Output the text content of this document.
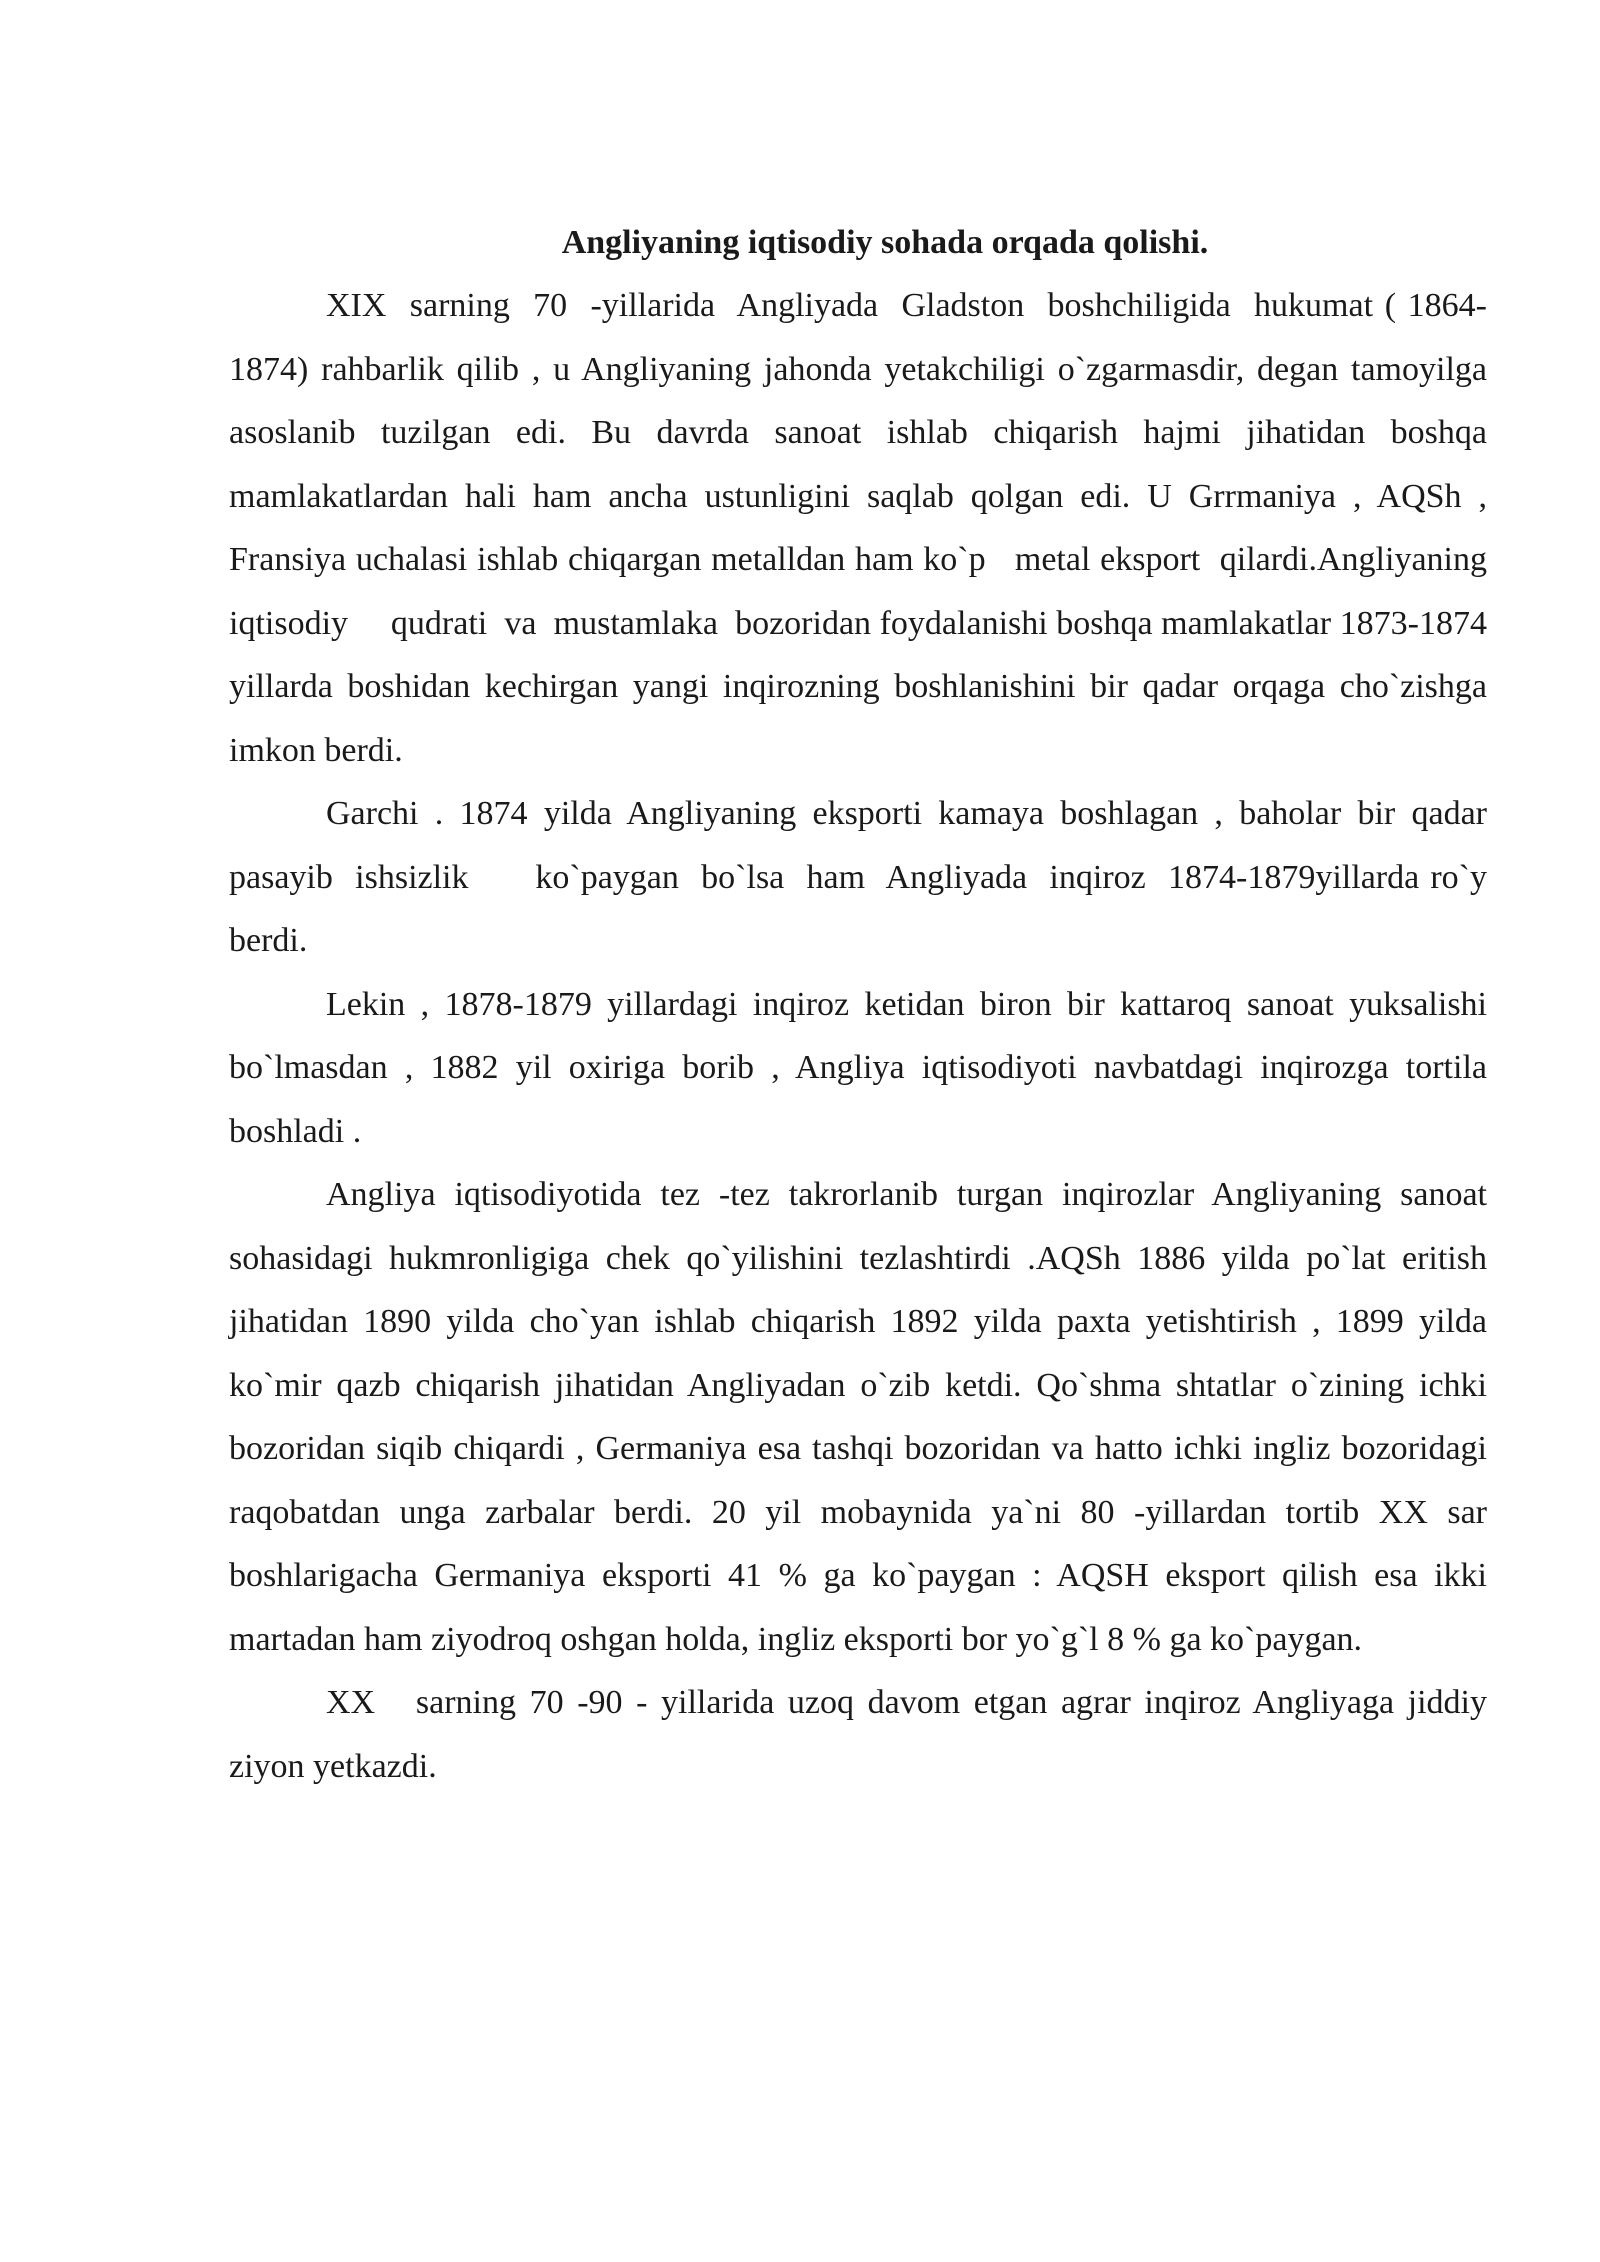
Angliyaning iqtisodiy sohada orqada qolishi.

XIX  sarning  70  -yillarida  Angliyada  Gladston  boshchiligida  hukumat ( 1864-1874) rahbarlik qilib , u Angliyaning jahonda yetakchiligi o`zgarmasdir, degan tamoyilga asoslanib tuzilgan edi. Bu davrda sanoat ishlab chiqarish hajmi jihatidan boshqa mamlakatlardan hali ham ancha ustunligini saqlab qolgan edi. U Grrmaniya , AQSh , Fransiya uchalasi ishlab chiqargan metalldan ham ko`p   metal eksport  qilardi.Angliyaning  iqtisodiy     qudrati  va  mustamlaka  bozoridan foydalanishi boshqa mamlakatlar 1873-1874 yillarda boshidan kechirgan yangi inqirozning boshlanishini bir qadar orqaga cho`zishga imkon berdi.

Garchi . 1874 yilda Angliyaning eksporti kamaya boshlagan , baholar bir qadar  pasayib  ishsizlik      ko`paygan  bo`lsa  ham  Angliyada  inqiroz  1874-1879yillarda ro`y berdi.

Lekin , 1878-1879 yillardagi inqiroz ketidan biron bir kattaroq sanoat yuksalishi bo`lmasdan , 1882 yil oxiriga borib , Angliya iqtisodiyoti navbatdagi inqirozga tortila boshladi .

Angliya iqtisodiyotida tez -tez takrorlanib turgan inqirozlar Angliyaning sanoat sohasidagi hukmronligiga chek qo`yilishini tezlashtirdi .AQSh 1886 yilda po`lat eritish jihatidan 1890 yilda cho`yan ishlab chiqarish 1892 yilda paxta yetishtirish , 1899 yilda ko`mir qazb chiqarish jihatidan Angliyadan o`zib ketdi. Qo`shma shtatlar o`zining ichki bozoridan siqib chiqardi , Germaniya esa tashqi bozoridan va hatto ichki ingliz bozoridagi raqobatdan unga zarbalar berdi. 20 yil mobaynida ya`ni 80 -yillardan tortib XX sar boshlarigacha Germaniya eksporti 41 % ga ko`paygan : AQSH eksport qilish esa ikki martadan ham ziyodroq oshgan holda, ingliz eksporti bor yo`g`l 8 % ga ko`paygan.

XX   sarning 70 -90 - yillarida uzoq davom etgan agrar inqiroz Angliyaga jiddiy ziyon yetkazdi.
